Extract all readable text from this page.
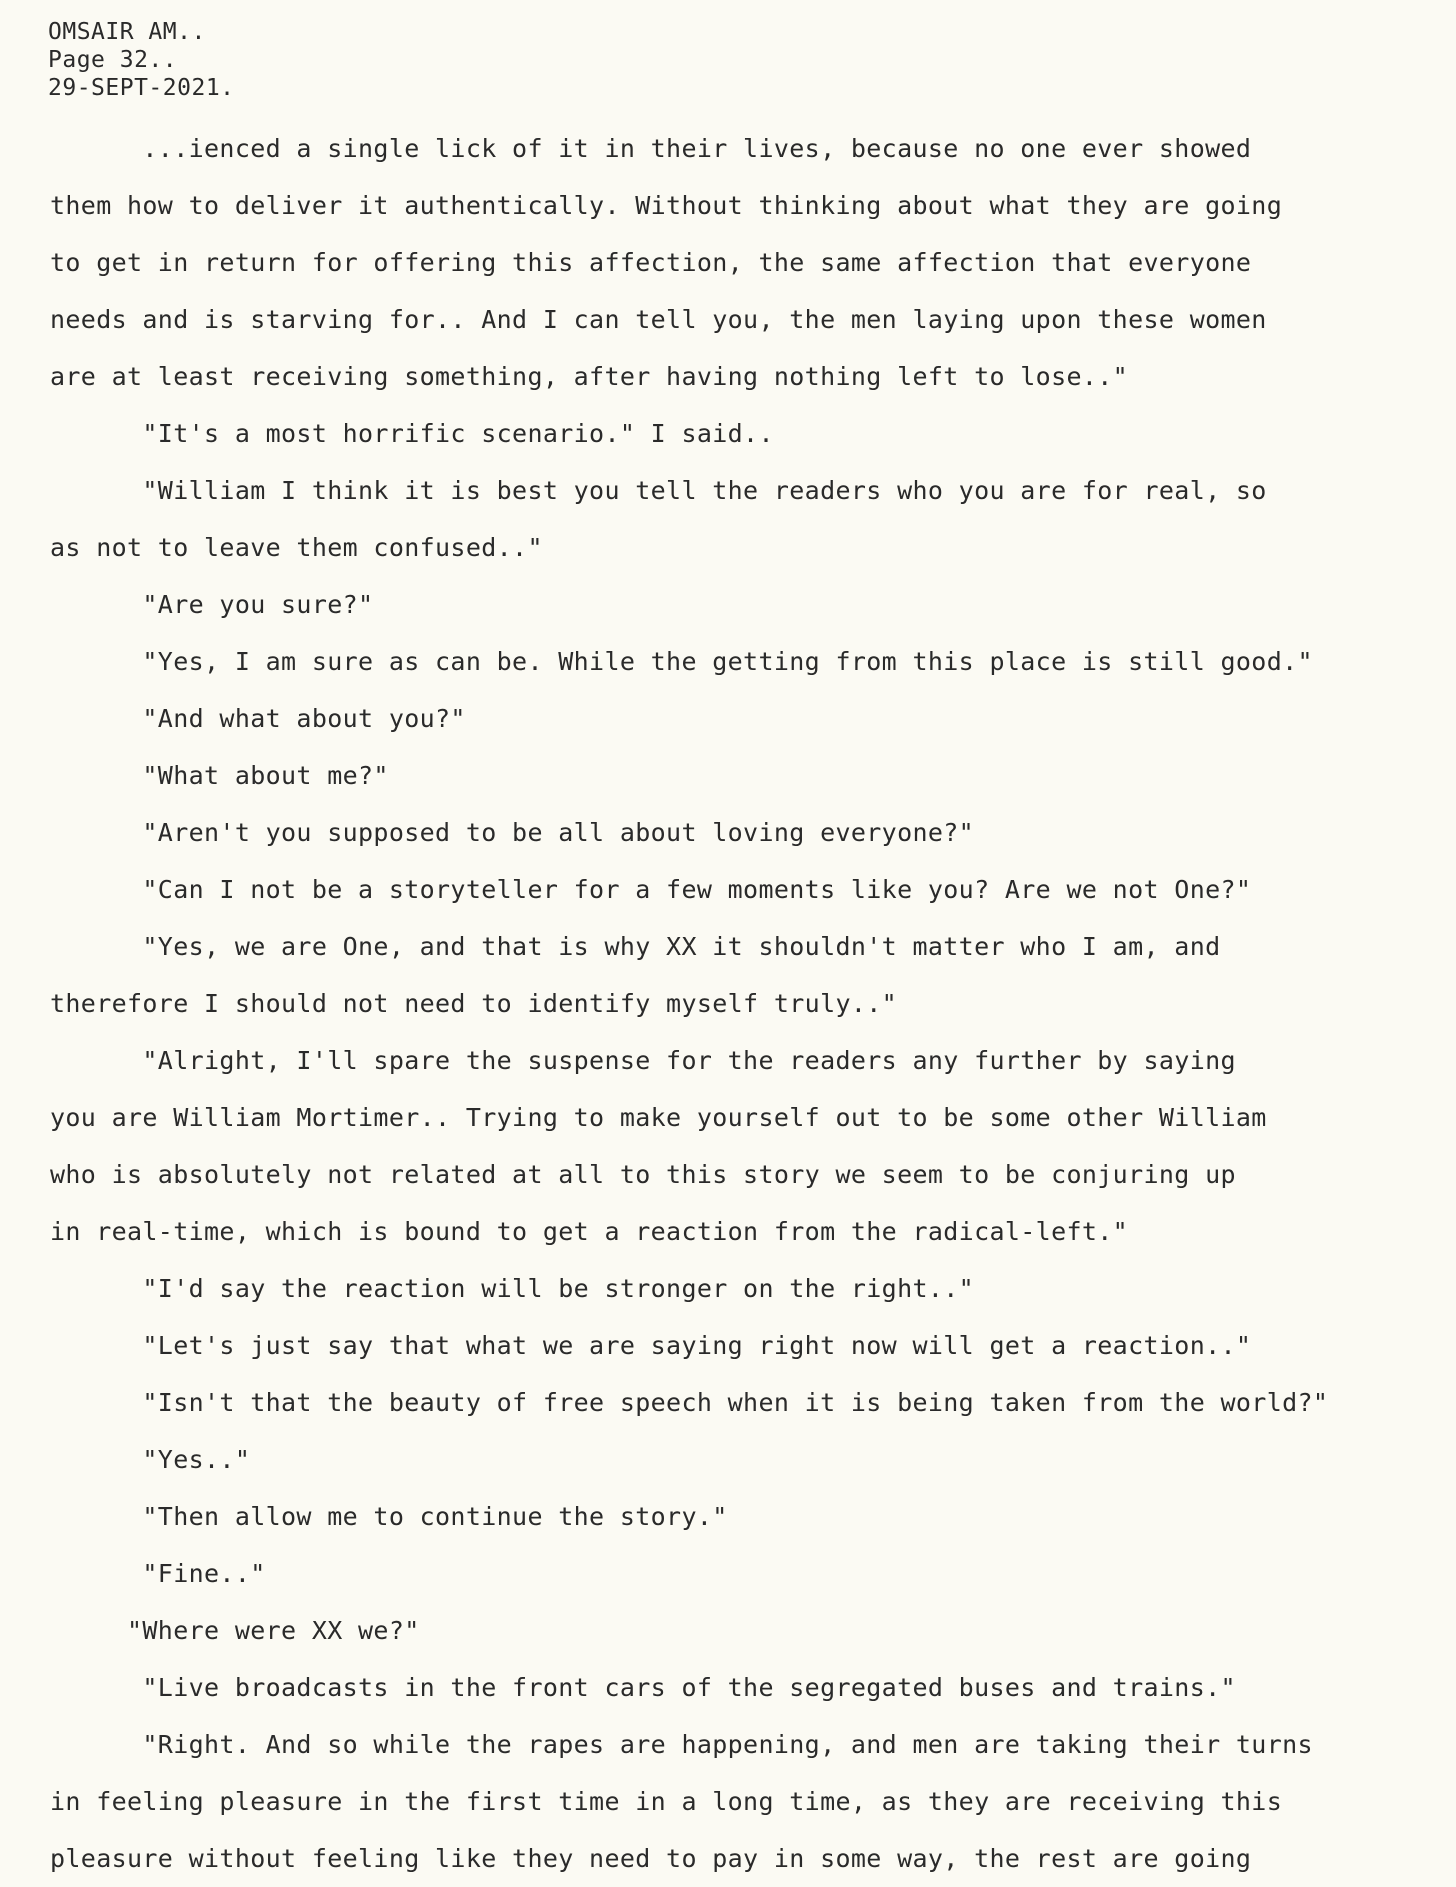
OMSAIR AM..
Page 32..
29-SEPT-2021.
...ienced a single lick of it in their lives, because no one ever showed
them how to deliver it authentically. Without thinking about what they are going
to get in return for offering this affection, the same affection that everyone
needs and is starving for.. And I can tell you, the men laying upon these women
are at least receiving something, after having nothing left to lose.."
"It's a most horrific scenario." I said..
"William I think it is best you tell the readers who you are for real, so
as not to leave them confused.."
"Are you sure?"
"Yes, I am sure as can be. While the getting from this place is still good."
"And what about you?"
"What about me?"
"Aren't you supposed to be all about loving everyone?"
"Can I not be a storyteller for a few moments like you? Are we not One?"
"Yes, we are One, and that is why XX it shouldn't matter who I am, and
therefore I should not need to identify myself truly.."
"Alright, I'll spare the suspense for the readers any further by saying
you are William Mortimer.. Trying to make yourself out to be some other William
who is absolutely not related at all to this story we seem to be conjuring up
in real-time, which is bound to get a reaction from the radical-left."
"I'd say the reaction will be stronger on the right.."
"Let's just say that what we are saying right now will get a reaction.."
"Isn't that the beauty of free speech when it is being taken from the world?"
"Yes.."
"Then allow me to continue the story."
"Fine.."
"Where were XX we?"
"Live broadcasts in the front cars of the segregated buses and trains."
"Right. And so while the rapes are happening, and men are taking their turns
in feeling pleasure in the first time in a long time, as they are receiving this
pleasure without feeling like they need to pay in some way, the rest are going
